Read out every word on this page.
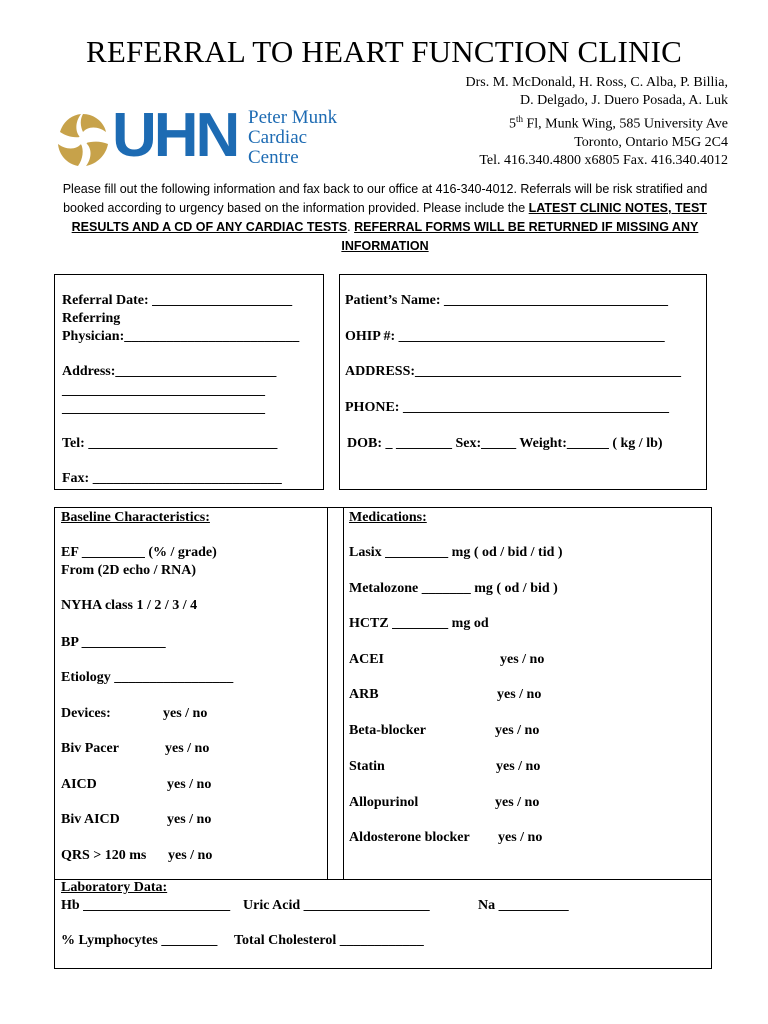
REFERRAL TO HEART FUNCTION CLINIC
UHN Peter Munk
Cardiac
Centre
Drs. M. McDonald, H. Ross, C. Alba, P. Billia,
D. Delgado, J. Duero Posada, A. Luk
5th Fl, Munk Wing, 585 University Ave
Toronto, Ontario M5G 2C4
Tel. 416.340.4800 x6805 Fax. 416.340.4012
Please fill out the following information and fax back to our office at 416-340-4012. Referrals will be risk stratified and booked according to urgency based on the information provided. Please include the LATEST CLINIC NOTES, TEST RESULTS AND A CD OF ANY CARDIAC TESTS. REFERRAL FORMS WILL BE RETURNED IF MISSING ANY INFORMATION
Referral Date: ____________________
Referring
Physician:_________________________
Address:_______________________
_____________________________
_____________________________
Tel: ___________________________
Fax: ___________________________
Patient’s Name: ________________________________
OHIP #: ______________________________________
ADDRESS:______________________________________
PHONE: ______________________________________
DOB: _ ________ Sex:_____ Weight:______ ( kg / lb)
Baseline Characteristics:
EF _________ (% / grade)
From (2D echo / RNA)
NYHA class 1 / 2 / 3 / 4
BP ____________
Etiology _________________
Devices:	yes / no
Biv Pacer	yes / no
AICD	yes / no
Biv AICD	yes / no
QRS > 120 ms yes / no
Medications:
Lasix _________ mg ( od / bid / tid )
Metalozone _______ mg ( od / bid )
HCTZ ________ mg od
ACEI	yes / no
ARB	yes / no
Beta-blocker	yes / no
Statin	yes / no
Allopurinol	yes / no
Aldosterone blocker yes / no
Laboratory Data:
Hb _____________________ Uric Acid __________________	Na __________
% Lymphocytes ________ Total Cholesterol ____________
